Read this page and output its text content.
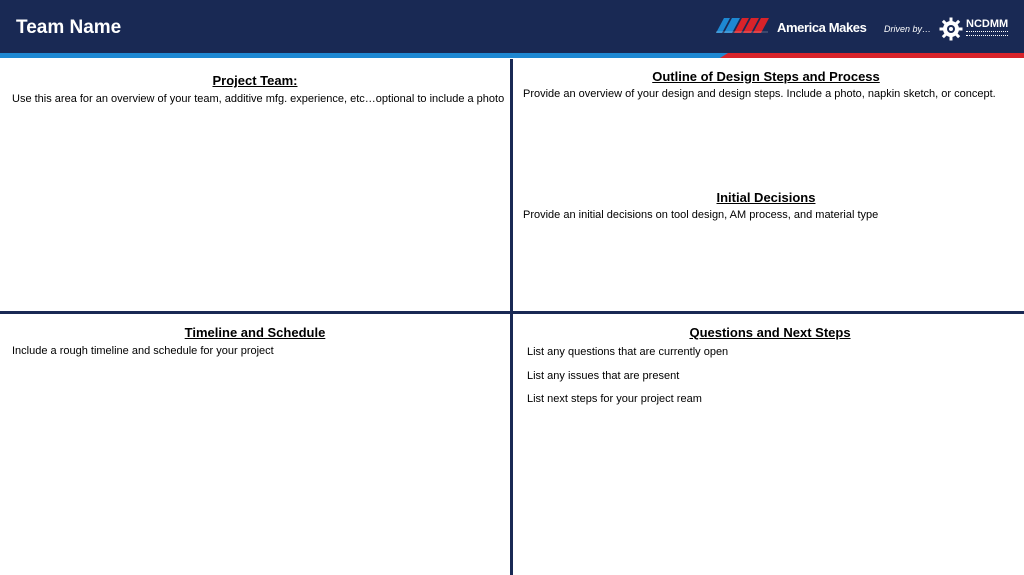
Team Name	America Makes Driven by…	NCDMM
Project Team:
Use this area for an overview of your team, additive mfg. experience, etc…optional to include a photo
Outline of Design Steps and Process
Provide an overview of your design and design steps. Include a photo, napkin sketch, or concept.
Initial Decisions
Provide an initial decisions on tool design, AM process, and material type
Timeline and Schedule
Include a rough timeline and schedule for your project
Questions and Next Steps
List any questions that are currently open
List any issues that are present
List next steps for your project ream
